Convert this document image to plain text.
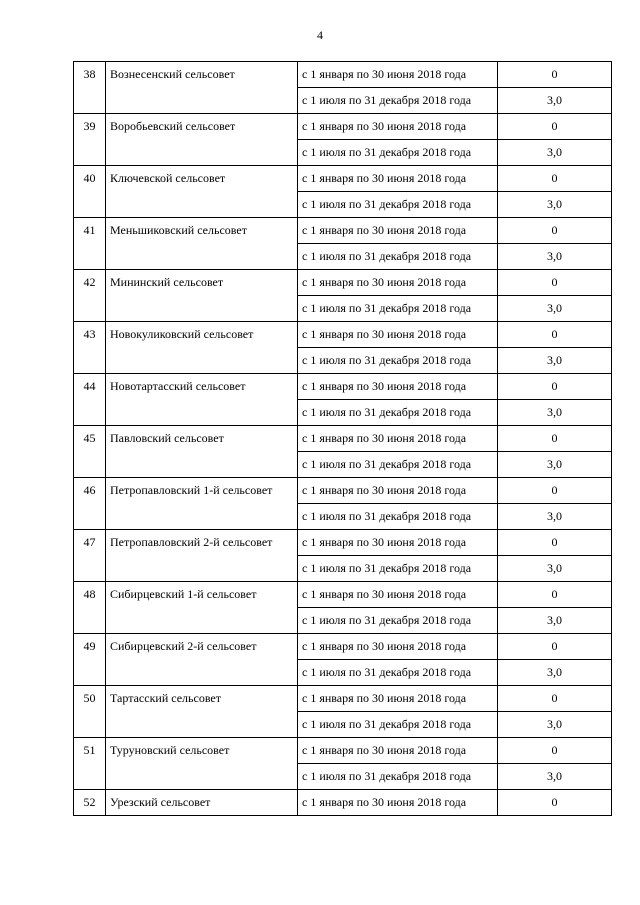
4
38	Вознесенский сельсовет	с 1 января по 30 июня 2018 года	0
		с 1 июля по 31 декабря 2018 года	3,0
39	Воробьевский сельсовет	с 1 января по 30 июня 2018 года	0
		с 1 июля по 31 декабря 2018 года	3,0
40	Ключевской сельсовет	с 1 января по 30 июня 2018 года	0
		с 1 июля по 31 декабря 2018 года	3,0
41	Меньшиковский сельсовет	с 1 января по 30 июня 2018 года	0
		с 1 июля по 31 декабря 2018 года	3,0
42	Мининский сельсовет	с 1 января по 30 июня 2018 года	0
		с 1 июля по 31 декабря 2018 года	3,0
43	Новокуликовский сельсовет	с 1 января по 30 июня 2018 года	0
		с 1 июля по 31 декабря 2018 года	3,0
44	Новотартасский сельсовет	с 1 января по 30 июня 2018 года	0
		с 1 июля по 31 декабря 2018 года	3,0
45	Павловский сельсовет	с 1 января по 30 июня 2018 года	0
		с 1 июля по 31 декабря 2018 года	3,0
46	Петропавловский 1-й сельсовет	с 1 января по 30 июня 2018 года	0
		с 1 июля по 31 декабря 2018 года	3,0
47	Петропавловский 2-й сельсовет	с 1 января по 30 июня 2018 года	0
		с 1 июля по 31 декабря 2018 года	3,0
48	Сибирцевский 1-й сельсовет	с 1 января по 30 июня 2018 года	0
		с 1 июля по 31 декабря 2018 года	3,0
49	Сибирцевский 2-й сельсовет	с 1 января по 30 июня 2018 года	0
		с 1 июля по 31 декабря 2018 года	3,0
50	Тартасский сельсовет	с 1 января по 30 июня 2018 года	0
		с 1 июля по 31 декабря 2018 года	3,0
51	Туруновский сельсовет	с 1 января по 30 июня 2018 года	0
		с 1 июля по 31 декабря 2018 года	3,0
52	Урезский сельсовет	с 1 января по 30 июня 2018 года	0
